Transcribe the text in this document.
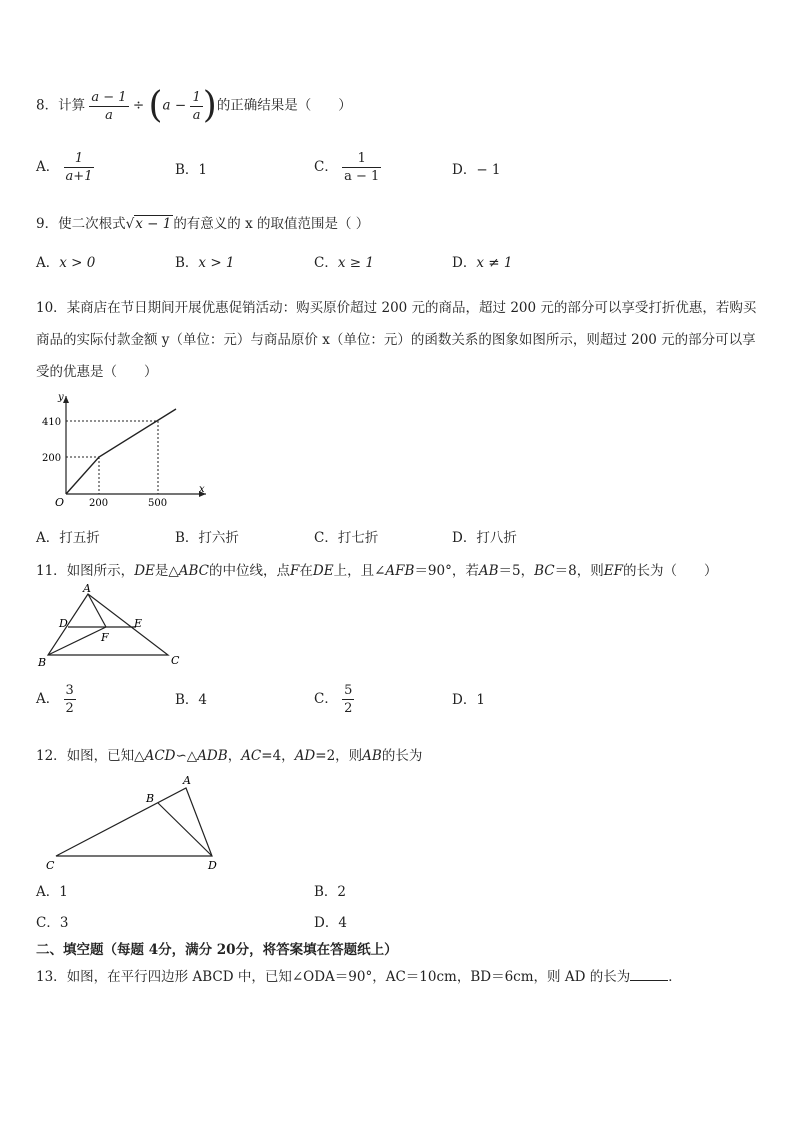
8．计算 $\frac{a - 1}{a} \div (a - \frac{1}{a}$ )的正确结果是（　　）
A． $\frac{1}{a+1}$	B．1	C． $\frac{1}{a - 1}$	D．− 1
9．使二次根式√x − 1 的有意义的 x 的取值范围是（ ）
A．x > 0	B．x > 1	C．x ≥ 1	D．x ≠ 1
10．某商店在节日期间开展优惠促销活动：购买原价超过 200 元的商品，超过 200 元的部分可以享受打折优惠，若购买商品的实际付款金额 y（单位：元）与商品原价 x（单位：元）的函数关系的图象如图所示，则超过 200 元的部分可以享受的优惠是（　　）
y
x
O
410
200
200	500
A．打五折	B．打六折	C．打七折	D．打八折
11．如图所示，DE是△ABC的中位线，点F在DE上，且∠AFB＝90°，若AB＝5，BC＝8，则EF的长为（　　）
A
B	C
D	E
F
A． $\frac{3}{2}$	B．4	C． $\frac{5}{2}$	D．1
12．如图，已知△ACD∽△ADB，AC=4，AD=2，则AB的长为
A
B
C	D
A．1	B．2
C．3	D．4
二、填空题（每题 4分，满分 20分，将答案填在答题纸上）
13．如图，在平行四边形 ABCD 中，已知∠ODA＝90°，AC＝10cm，BD＝6cm，则 AD 的长为	．
